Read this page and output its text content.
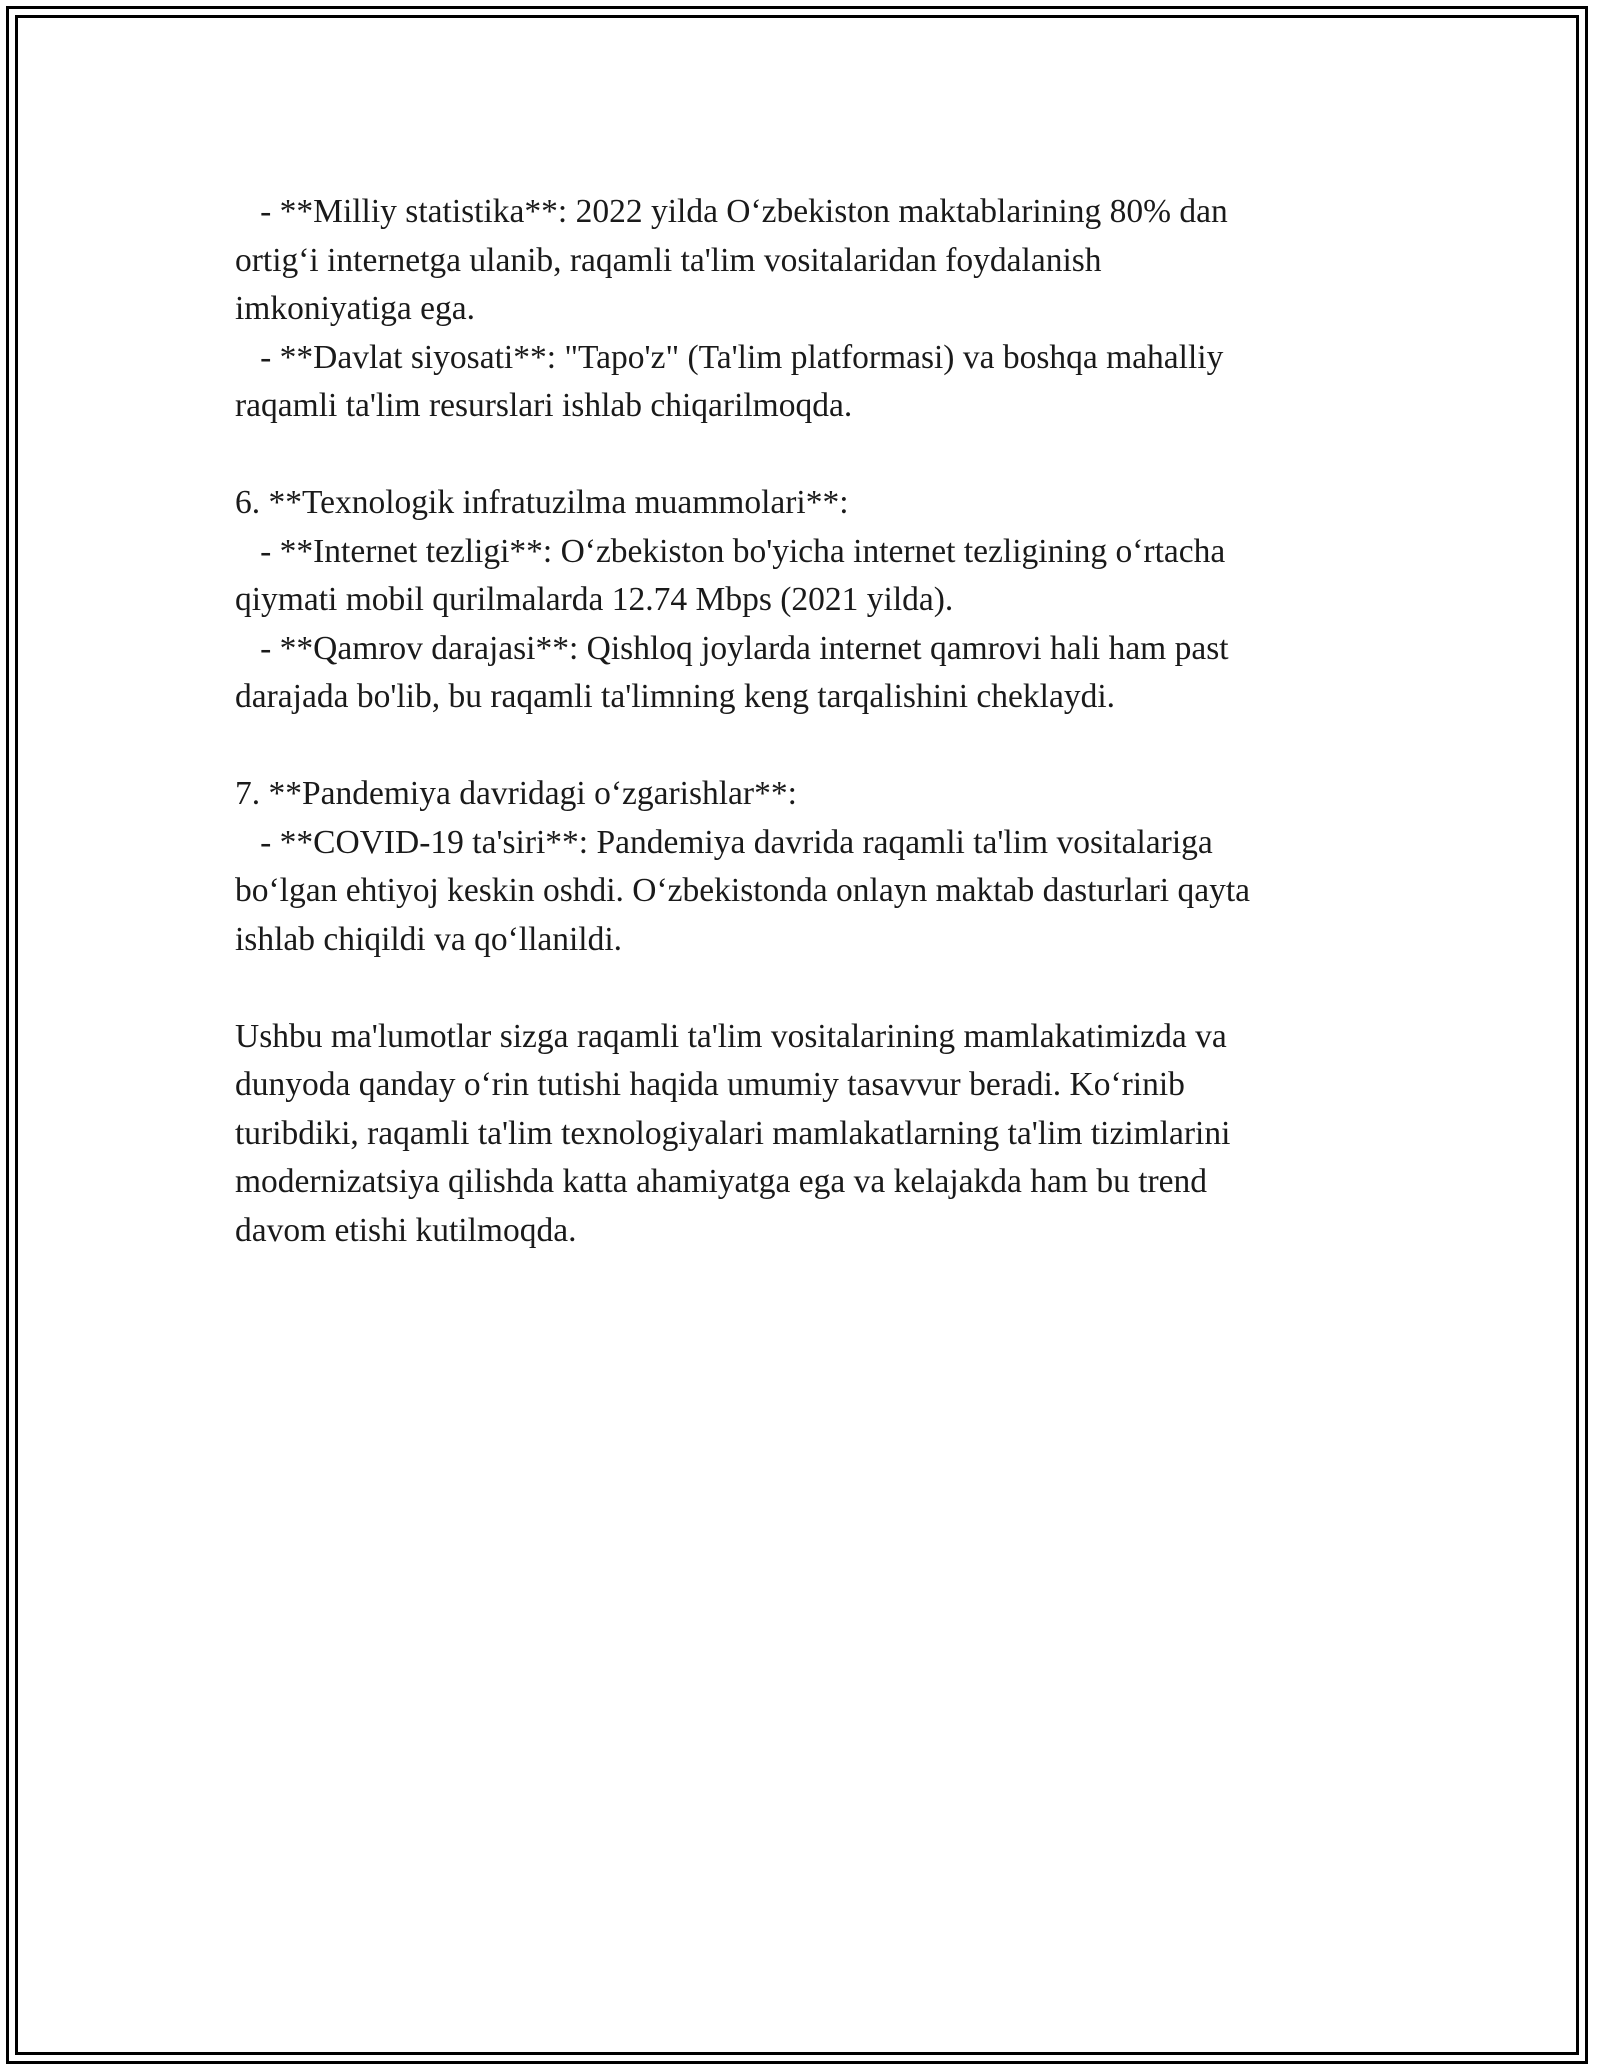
- **Milliy statistika**: 2022 yilda O‘zbekiston maktablarining 80% dan
ortig‘i internetga ulanib, raqamli ta'lim vositalaridan foydalanish
imkoniyatiga ega.
- **Davlat siyosati**: "Tapo'z" (Ta'lim platformasi) va boshqa mahalliy
raqamli ta'lim resurslari ishlab chiqarilmoqda.
6. **Texnologik infratuzilma muammolari**:
- **Internet tezligi**: O‘zbekiston bo'yicha internet tezligining o‘rtacha
qiymati mobil qurilmalarda 12.74 Mbps (2021 yilda).
- **Qamrov darajasi**: Qishloq joylarda internet qamrovi hali ham past
darajada bo'lib, bu raqamli ta'limning keng tarqalishini cheklaydi.
7. **Pandemiya davridagi o‘zgarishlar**:
- **COVID-19 ta'siri**: Pandemiya davrida raqamli ta'lim vositalariga
bo‘lgan ehtiyoj keskin oshdi. O‘zbekistonda onlayn maktab dasturlari qayta
ishlab chiqildi va qo‘llanildi.
Ushbu ma'lumotlar sizga raqamli ta'lim vositalarining mamlakatimizda va
dunyoda qanday o‘rin tutishi haqida umumiy tasavvur beradi. Ko‘rinib
turibdiki, raqamli ta'lim texnologiyalari mamlakatlarning ta'lim tizimlarini
modernizatsiya qilishda katta ahamiyatga ega va kelajakda ham bu trend
davom etishi kutilmoqda.
